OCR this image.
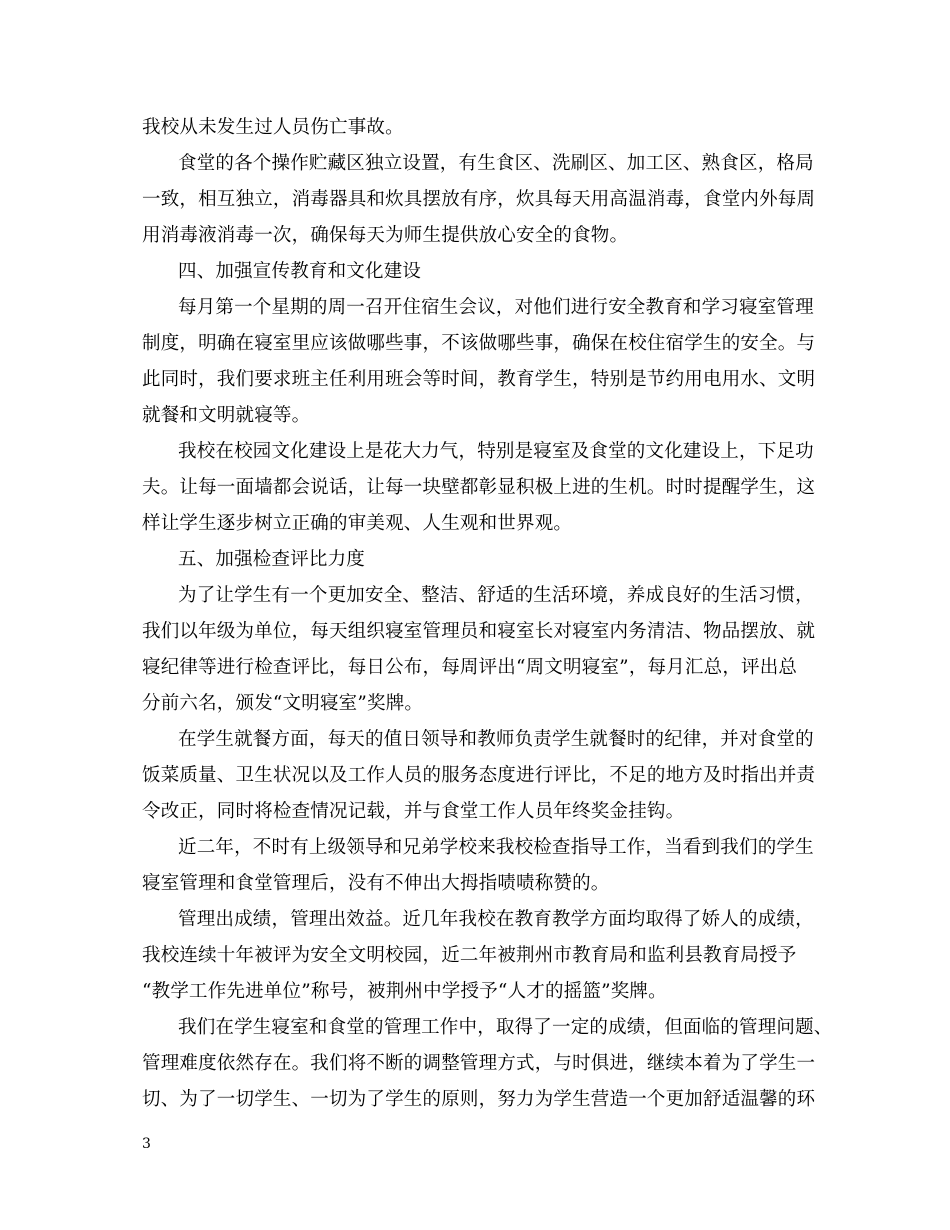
我校从未发生过人员伤亡事故。
食堂的各个操作贮藏区独立设置，有生食区、洗刷区、加工区、熟食区，格局
一致，相互独立，消毒器具和炊具摆放有序，炊具每天用高温消毒，食堂内外每周
用消毒液消毒一次，确保每天为师生提供放心安全的食物。
四、加强宣传教育和文化建设
每月第一个星期的周一召开住宿生会议，对他们进行安全教育和学习寝室管理
制度，明确在寝室里应该做哪些事，不该做哪些事，确保在校住宿学生的安全。与
此同时，我们要求班主任利用班会等时间，教育学生，特别是节约用电用水、文明
就餐和文明就寝等。
我校在校园文化建设上是花大力气，特别是寝室及食堂的文化建设上，下足功
夫。让每一面墙都会说话，让每一块壁都彰显积极上进的生机。时时提醒学生，这
样让学生逐步树立正确的审美观、人生观和世界观。
五、加强检查评比力度
为了让学生有一个更加安全、整洁、舒适的生活环境，养成良好的生活习惯，
我们以年级为单位，每天组织寝室管理员和寝室长对寝室内务清洁、物品摆放、就
寝纪律等进行检查评比，每日公布，每周评出“周文明寝室”，每月汇总，评出总
分前六名，颁发“文明寝室”奖牌。
在学生就餐方面，每天的值日领导和教师负责学生就餐时的纪律，并对食堂的
饭菜质量、卫生状况以及工作人员的服务态度进行评比，不足的地方及时指出并责
令改正，同时将检查情况记载，并与食堂工作人员年终奖金挂钩。
近二年，不时有上级领导和兄弟学校来我校检查指导工作，当看到我们的学生
寝室管理和食堂管理后，没有不伸出大拇指啧啧称赞的。
管理出成绩，管理出效益。近几年我校在教育教学方面均取得了娇人的成绩，
我校连续十年被评为安全文明校园，近二年被荆州市教育局和监利县教育局授予
“教学工作先进单位”称号，被荆州中学授予“人才的摇篮”奖牌。
我们在学生寝室和食堂的管理工作中，取得了一定的成绩，但面临的管理问题、
管理难度依然存在。我们将不断的调整管理方式，与时俱进，继续本着为了学生一
切、为了一切学生、一切为了学生的原则，努力为学生营造一个更加舒适温馨的环
3
